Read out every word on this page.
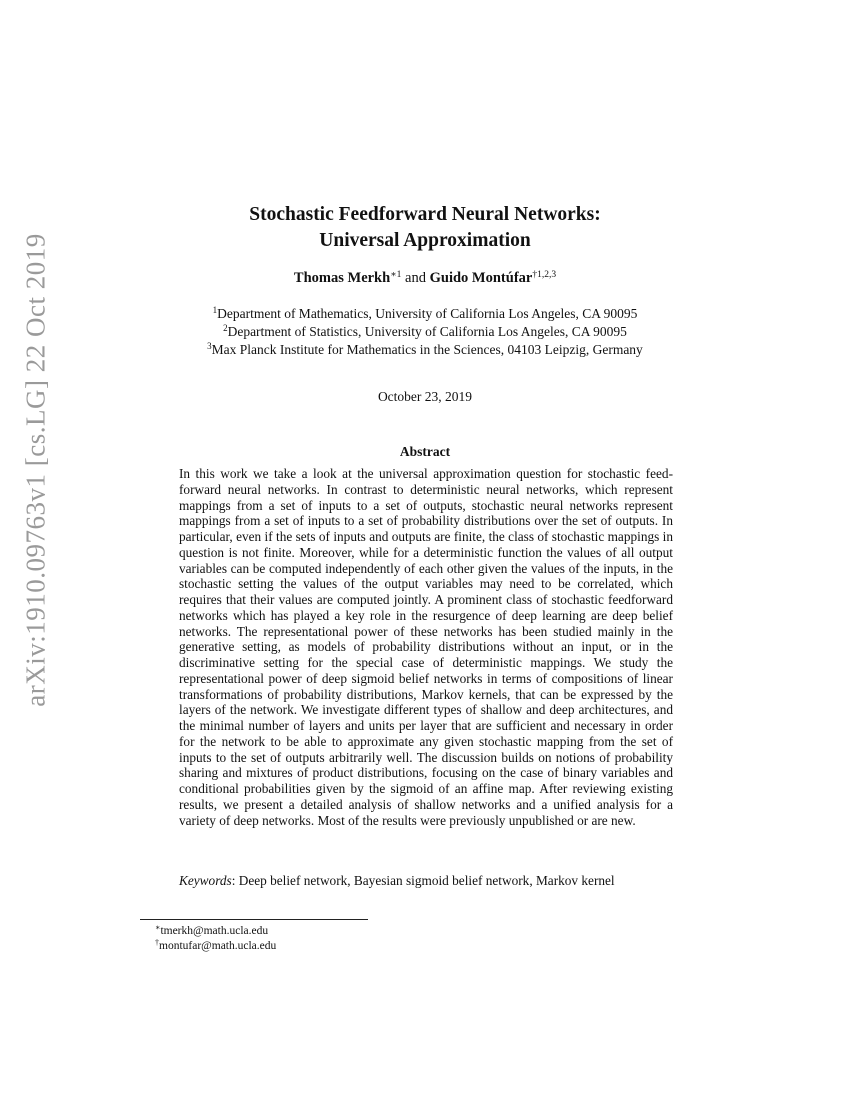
arXiv:1910.09763v1 [cs.LG] 22 Oct 2019
Stochastic Feedforward Neural Networks:
Universal Approximation
Thomas Merkh$^{∗1}$ and Guido Montúfar$^{\dagger 1,2,3}$
$^1$Department of Mathematics, University of California Los Angeles, CA 90095
$^2$Department of Statistics, University of California Los Angeles, CA 90095
$^3$Max Planck Institute for Mathematics in the Sciences, 04103 Leipzig, Germany
October 23, 2019
Abstract
In this work we take a look at the universal approximation question for stochastic feedforward neural networks. In contrast to deterministic neural networks, which represent mappings from a set of inputs to a set of outputs, stochastic neural networks represent mappings from a set of inputs to a set of probability distributions over the set of outputs. In particular, even if the sets of inputs and outputs are finite, the class of stochastic mappings in question is not finite. Moreover, while for a deterministic function the values of all output variables can be computed independently of each other given the values of the inputs, in the stochastic setting the values of the output variables may need to be correlated, which requires that their values are computed jointly. A prominent class of stochastic feedforward networks which has played a key role in the resurgence of deep learning are deep belief networks. The representational power of these networks has been studied mainly in the generative setting, as models of probability distributions without an input, or in the discriminative setting for the special case of deterministic mappings. We study the representational power of deep sigmoid belief networks in terms of compositions of linear transformations of probability distributions, Markov kernels, that can be expressed by the layers of the network. We investigate different types of shallow and deep architectures, and the minimal number of layers and units per layer that are sufficient and necessary in order for the network to be able to approximate any given stochastic mapping from the set of inputs to the set of outputs arbitrarily well. The discussion builds on notions of probability sharing and mixtures of product distributions, focusing on the case of binary variables and conditional probabilities given by the sigmoid of an affine map. After reviewing existing results, we present a detailed analysis of shallow networks and a unified analysis for a variety of deep networks. Most of the results were previously unpublished or are new.
Keywords: Deep belief network, Bayesian sigmoid belief network, Markov kernel
∗tmerkh@math.ucla.edu
†montufar@math.ucla.edu
